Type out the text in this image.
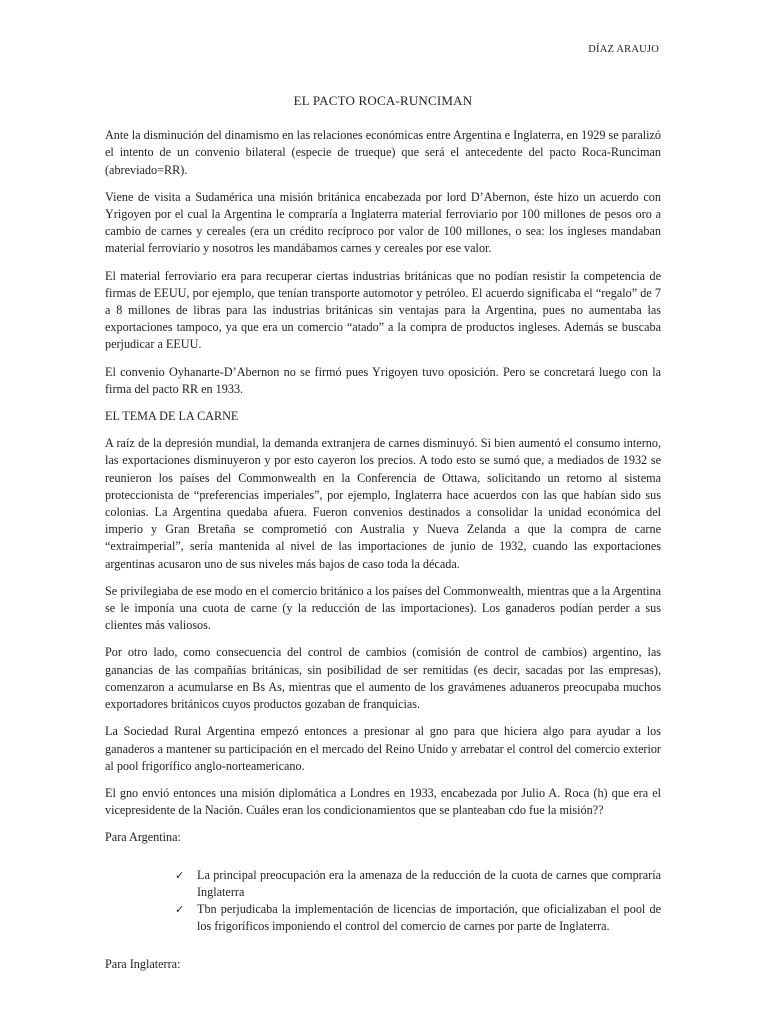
DÍAZ ARAUJO
EL PACTO ROCA-RUNCIMAN

Ante la disminución del dinamismo en las relaciones económicas entre Argentina e Inglaterra, en 1929 se paralizó el intento de un convenio bilateral (especie de trueque) que será el antecedente del pacto Roca-Runciman (abreviado=RR).

Viene de visita a Sudamérica una misión británica encabezada por lord D’Abernon, éste hizo un acuerdo con Yrigoyen por el cual la Argentina le compraría a Inglaterra material ferroviario por 100 millones de pesos oro a cambio de carnes y cereales (era un crédito recíproco por valor de 100 millones, o sea: los ingleses mandaban material ferroviario y nosotros les mandábamos carnes y cereales por ese valor.

El material ferroviario era para recuperar ciertas industrias británicas que no podían resistir la competencia de firmas de EEUU, por ejemplo, que tenían transporte automotor y petróleo. El acuerdo significaba el “regalo” de 7 a 8 millones de libras para las industrias británicas sin ventajas para la Argentina, pues no aumentaba las exportaciones tampoco, ya que era un comercio “atado” a la compra de productos ingleses. Además se buscaba perjudicar a EEUU.

El convenio Oyhanarte-D’Abernon no se firmó pues Yrigoyen tuvo oposición. Pero se concretará luego con la firma del pacto RR en 1933.

EL TEMA DE LA CARNE

A raíz de la depresión mundial, la demanda extranjera de carnes disminuyó. Si bien aumentó el consumo interno, las exportaciones disminuyeron y por esto cayeron los precios. A todo esto se sumó que, a mediados de 1932 se reunieron los países del Commonwealth en la Conferencia de Ottawa, solicitando un retorno al sistema proteccionista de “preferencias imperiales”, por ejemplo, Inglaterra hace acuerdos con las que habían sido sus colonias. La Argentina quedaba afuera. Fueron convenios destinados a consolidar la unidad económica del imperio y Gran Bretaña se comprometió con Australia y Nueva Zelanda a que la compra de carne “extraimperial”, sería mantenida al nivel de las importaciones de junio de 1932, cuando las exportaciones argentinas acusaron uno de sus niveles más bajos de caso toda la década.

Se privilegiaba de ese modo en el comercio británico a los países del Commonwealth, mientras que a la Argentina se le imponía una cuota de carne (y la reducción de las importaciones). Los ganaderos podían perder a sus clientes más valiosos.

Por otro lado, como consecuencia del control de cambios (comisión de control de cambios) argentino, las ganancias de las compañías británicas, sin posibilidad de ser remitidas (es decir, sacadas por las empresas), comenzaron a acumularse en Bs As, mientras que el aumento de los gravámenes aduaneros preocupaba muchos exportadores británicos cuyos productos gozaban de franquicias.

La Sociedad Rural Argentina empezó entonces a presionar al gno para que hiciera algo para ayudar a los ganaderos a mantener su participación en el mercado del Reino Unido y arrebatar el control del comercio exterior al pool frigorífico anglo-norteamericano.

El gno envió entonces una misión diplomática a Londres en 1933, encabezada por Julio A. Roca (h) que era el vicepresidente de la Nación. Cuáles eran los condicionamientos que se planteaban cdo fue la misión??

Para Argentina:
✓ La principal preocupación era la amenaza de la reducción de la cuota de carnes que compraría Inglaterra
✓ Tbn perjudicaba la implementación de licencias de importación, que oficializaban el pool de los frigoríficos imponiendo el control del comercio de carnes por parte de Inglaterra.
Para Inglaterra:
